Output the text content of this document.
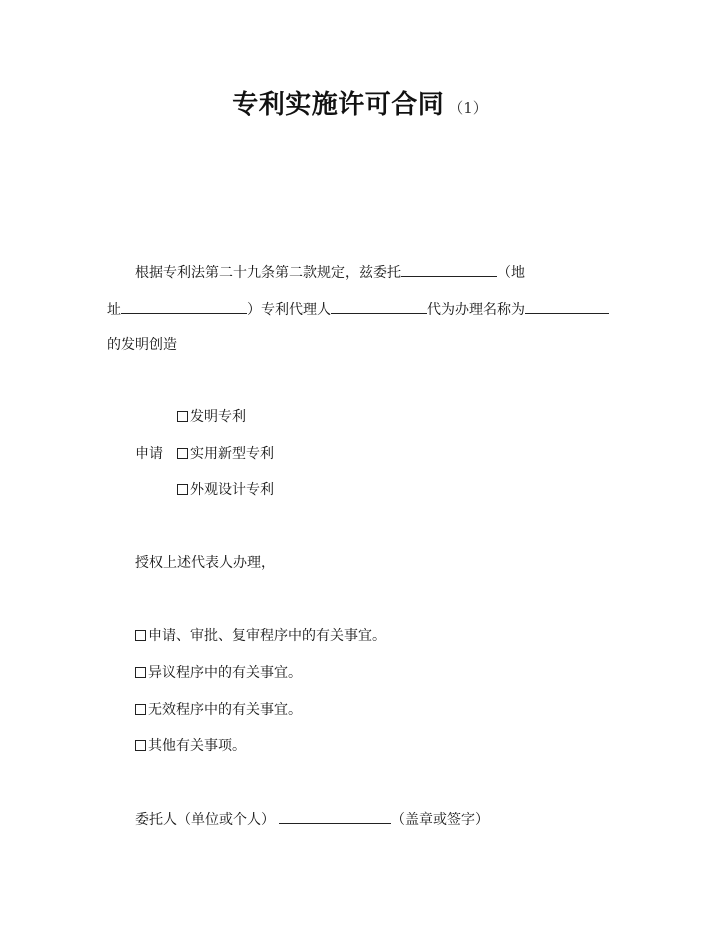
专利实施许可合同 （1）
根据专利法第二十九条第二款规定，兹委托	（地
址	）专利代理人	代为办理名称为
的发明创造
发明专利
申请	实用新型专利
外观设计专利
授权上述代表人办理，
申请、审批、复审程序中的有关事宜。
异议程序中的有关事宜。
无效程序中的有关事宜。
其他有关事项。
委托人（单位或个人）	（盖章或签字）
